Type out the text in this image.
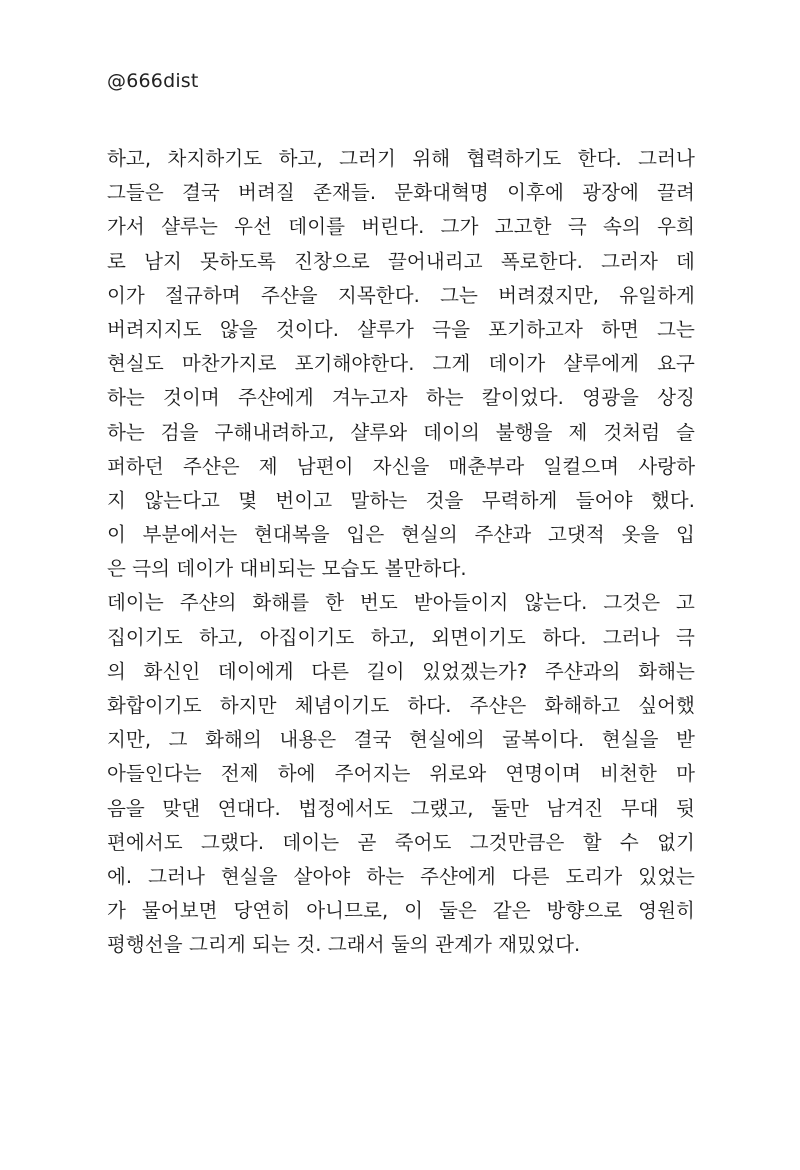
@666dist
하고, 차지하기도 하고, 그러기 위해 협력하기도 한다. 그러나
그들은 결국 버려질 존재들. 문화대혁명 이후에 광장에 끌려
가서 샬루는 우선 데이를 버린다. 그가 고고한 극 속의 우희
로 남지 못하도록 진창으로 끌어내리고 폭로한다. 그러자 데
이가 절규하며 주샨을 지목한다. 그는 버려졌지만, 유일하게
버려지지도 않을 것이다. 샬루가 극을 포기하고자 하면 그는
현실도 마찬가지로 포기해야한다. 그게 데이가 샬루에게 요구
하는 것이며 주샨에게 겨누고자 하는 칼이었다. 영광을 상징
하는 검을 구해내려하고, 샬루와 데이의 불행을 제 것처럼 슬
퍼하던 주샨은 제 남편이 자신을 매춘부라 일컬으며 사랑하
지 않는다고 몇 번이고 말하는 것을 무력하게 들어야 했다.
이 부분에서는 현대복을 입은 현실의 주샨과 고댓적 옷을 입
은 극의 데이가 대비되는 모습도 볼만하다.
데이는 주샨의 화해를 한 번도 받아들이지 않는다. 그것은 고
집이기도 하고, 아집이기도 하고, 외면이기도 하다. 그러나 극
의 화신인 데이에게 다른 길이 있었겠는가? 주샨과의 화해는
화합이기도 하지만 체념이기도 하다. 주샨은 화해하고 싶어했
지만, 그 화해의 내용은 결국 현실에의 굴복이다. 현실을 받
아들인다는 전제 하에 주어지는 위로와 연명이며 비천한 마
음을 맞댄 연대다. 법정에서도 그랬고, 둘만 남겨진 무대 뒷
편에서도 그랬다. 데이는 곧 죽어도 그것만큼은 할 수 없기
에. 그러나 현실을 살아야 하는 주샨에게 다른 도리가 있었는
가 물어보면 당연히 아니므로, 이 둘은 같은 방향으로 영원히
평행선을 그리게 되는 것. 그래서 둘의 관계가 재밌었다.
